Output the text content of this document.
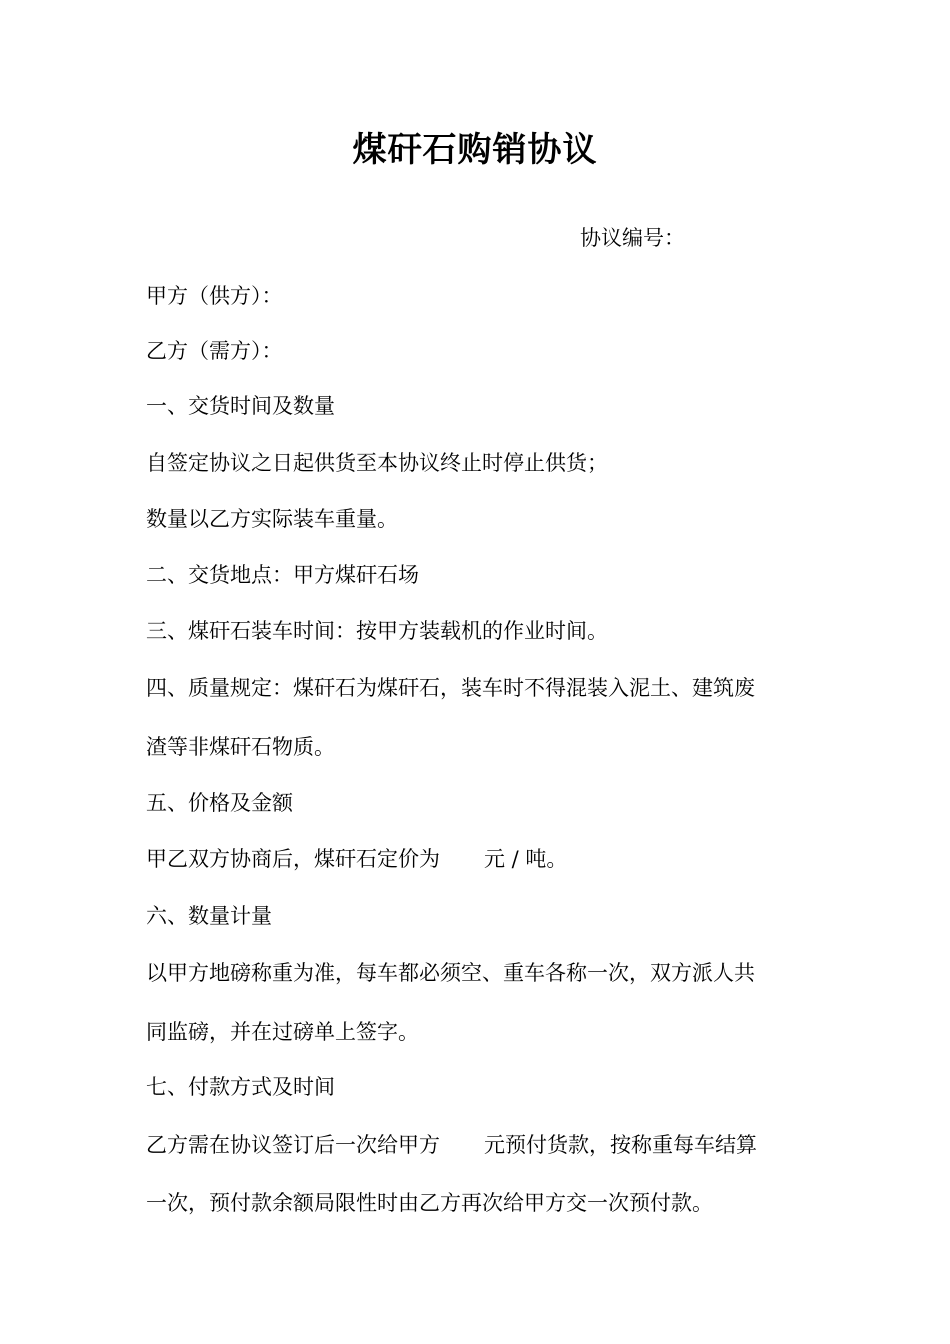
煤矸石购销协议
协议编号：
甲方（供方）：
乙方（需方）：
一、交货时间及数量
自签定协议之日起供货至本协议终止时停止供货；
数量以乙方实际装车重量。
二、交货地点：甲方煤矸石场
三、煤矸石装车时间：按甲方装载机的作业时间。
四、质量规定：煤矸石为煤矸石，装车时不得混装入泥土、建筑废
渣等非煤矸石物质。
五、价格及金额
甲乙双方协商后，煤矸石定价为 元 / 吨。
六、数量计量
以甲方地磅称重为准，每车都必须空、重车各称一次，双方派人共
同监磅，并在过磅单上签字。
七、付款方式及时间
乙方需在协议签订后一次给甲方 元预付货款，按称重每车结算
一次，预付款余额局限性时由乙方再次给甲方交一次预付款。
